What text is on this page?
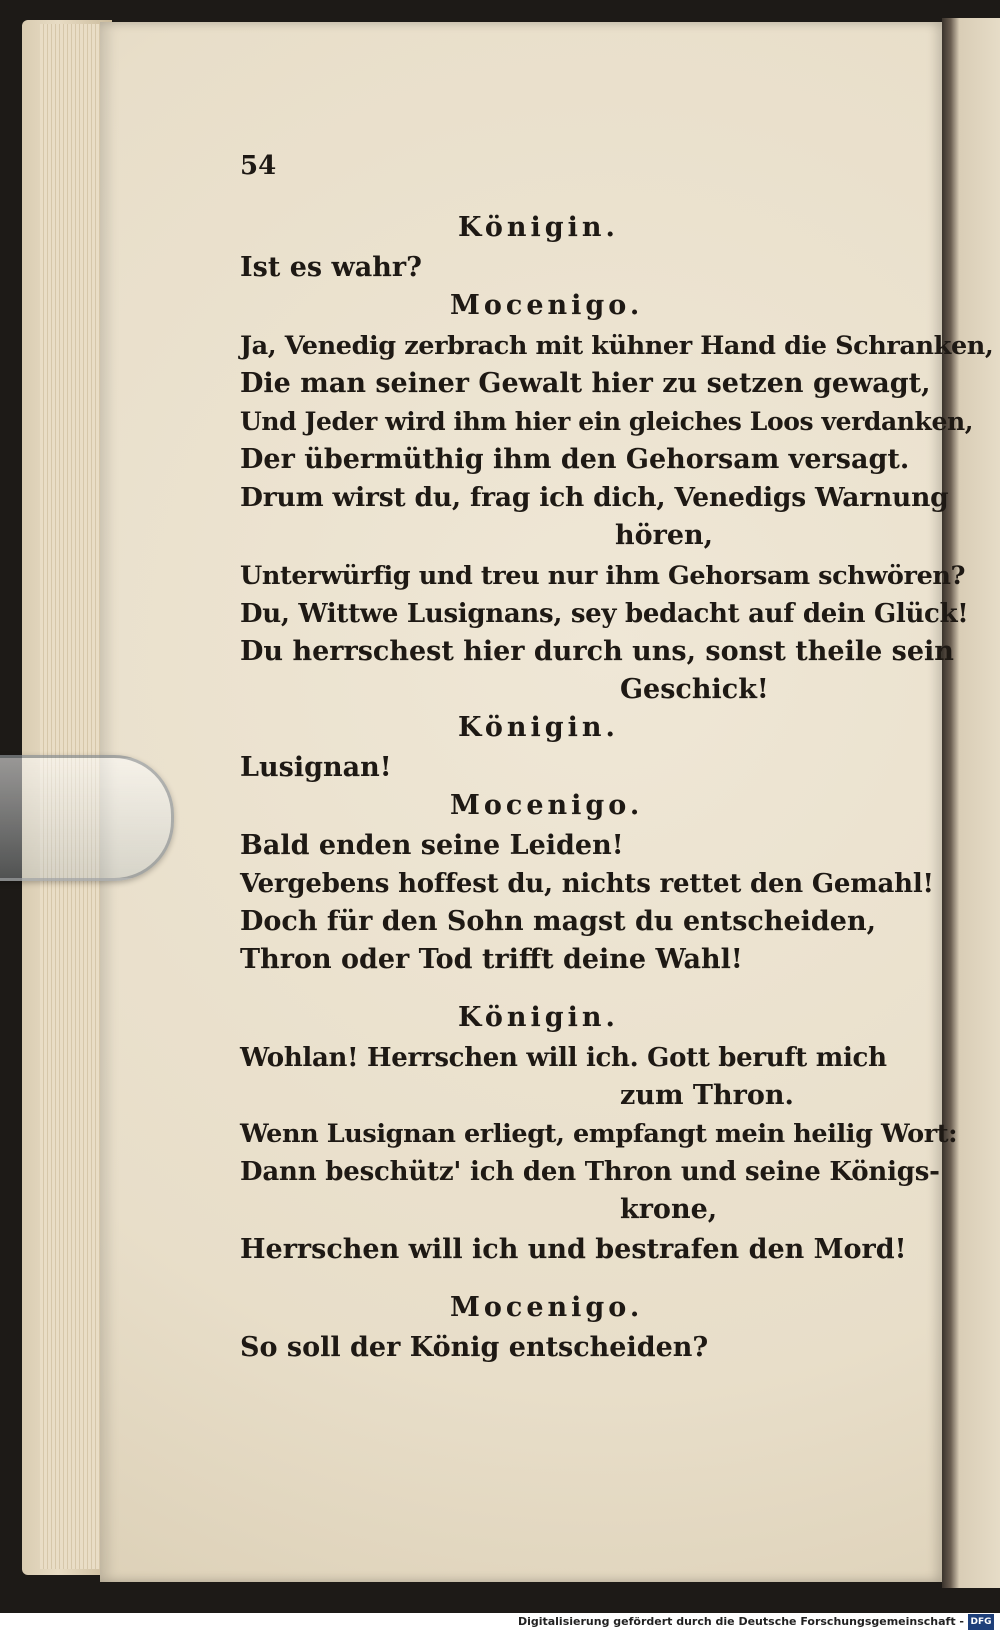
54
Königin.
Ist es wahr?
Mocenigo.
Ja, Venedig zerbrach mit kühner Hand die Schranken,
Die man seiner Gewalt hier zu setzen gewagt,
Und Jeder wird ihm hier ein gleiches Loos verdanken,
Der übermüthig ihm den Gehorsam versagt.
Drum wirst du, frag ich dich, Venedigs Warnung
hören,
Unterwürfig und treu nur ihm Gehorsam schwören?
Du, Wittwe Lusignans, sey bedacht auf dein Glück!
Du herrschest hier durch uns, sonst theile sein
Geschick!
Königin.
Lusignan!
Mocenigo.
Bald enden seine Leiden!
Vergebens hoffest du, nichts rettet den Gemahl!
Doch für den Sohn magst du entscheiden,
Thron oder Tod trifft deine Wahl!
Königin.
Wohlan! Herrschen will ich. Gott beruft mich
zum Thron.
Wenn Lusignan erliegt, empfangt mein heilig Wort:
Dann beschütz' ich den Thron und seine Königs-
krone,
Herrschen will ich und bestrafen den Mord!
Mocenigo.
So soll der König entscheiden?
Digitalisierung gefördert durch die Deutsche Forschungsgemeinschaft - DFG
